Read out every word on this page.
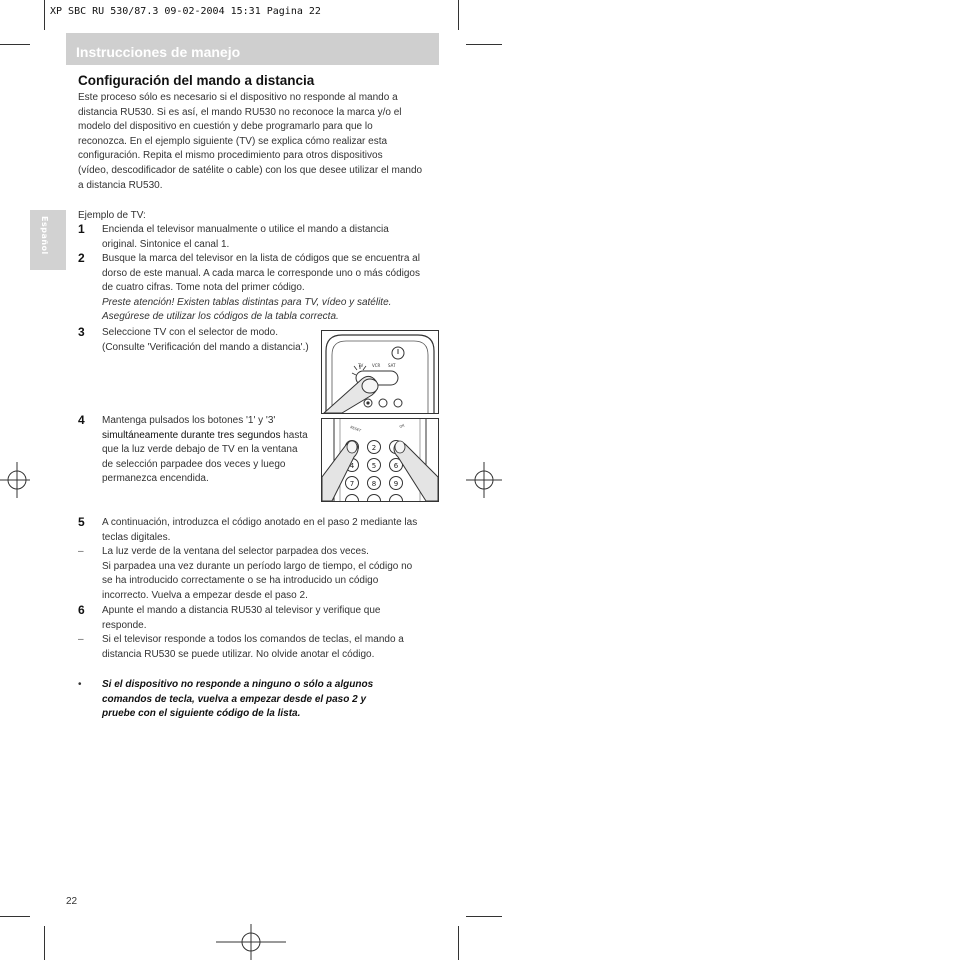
XP SBC RU 530/87.3 09-02-2004 15:31 Pagina 22
Instrucciones de manejo
Español
Configuración del mando a distancia
Este proceso sólo es necesario si el dispositivo no responde al mando a
distancia RU530. Si es así, el mando RU530 no reconoce la marca y/o el
modelo del dispositivo en cuestión y debe programarlo para que lo
reconozca. En el ejemplo siguiente (TV) se explica cómo realizar esta
configuración. Repita el mismo procedimiento para otros dispositivos
(vídeo, descodificador de satélite o cable) con los que desee utilizar el mando
a distancia RU530.
Ejemplo de TV:
1 Encienda el televisor manualmente o utilice el mando a distancia
original. Sintonice el canal 1.
2 Busque la marca del televisor en la lista de códigos que se encuentra al
dorso de este manual. A cada marca le corresponde uno o más códigos
de cuatro cifras. Tome nota del primer código.
Preste atención! Existen tablas distintas para TV, vídeo y satélite.
Asegúrese de utilizar los códigos de la tabla correcta.
3 Seleccione TV con el selector de modo.
(Consulte 'Verificación del mando a distancia'.)
TV VCR SAT
4 Mantenga pulsados los botones '1' y '3'
simultáneamente durante tres segundos hasta
que la luz verde debajo de TV en la ventana
de selección parpadee dos veces y luego
permanezca encendida.
RESET	OK
2
4	5	6
7	8	9
5 A continuación, introduzca el código anotado en el paso 2 mediante las
teclas digitales.
– La luz verde de la ventana del selector parpadea dos veces.
Si parpadea una vez durante un período largo de tiempo, el código no
se ha introducido correctamente o se ha introducido un código
incorrecto. Vuelva a empezar desde el paso 2.
6 Apunte el mando a distancia RU530 al televisor y verifique que
responde.
– Si el televisor responde a todos los comandos de teclas, el mando a
distancia RU530 se puede utilizar. No olvide anotar el código.
• Si el dispositivo no responde a ninguno o sólo a algunos
comandos de tecla, vuelva a empezar desde el paso 2 y
pruebe con el siguiente código de la lista.
22
